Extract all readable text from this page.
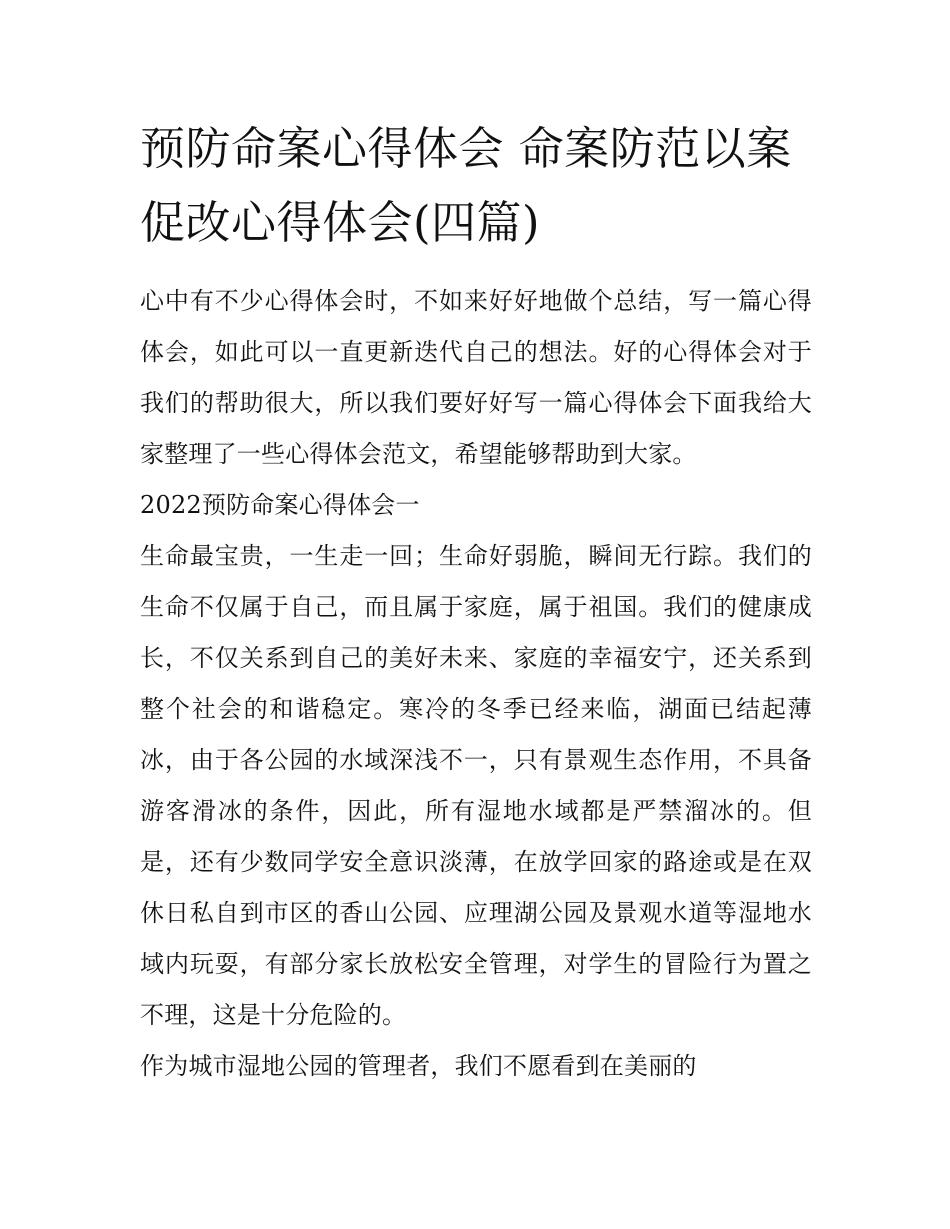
预防命案心得体会 命案防范以案促改心得体会(四篇)

心中有不少心得体会时，不如来好好地做个总结，写一篇心得体会，如此可以一直更新迭代自己的想法。好的心得体会对于我们的帮助很大，所以我们要好好写一篇心得体会下面我给大家整理了一些心得体会范文，希望能够帮助到大家。

2022预防命案心得体会一

生命最宝贵，一生走一回；生命好弱脆，瞬间无行踪。我们的生命不仅属于自己，而且属于家庭，属于祖国。我们的健康成长，不仅关系到自己的美好未来、家庭的幸福安宁，还关系到整个社会的和谐稳定。寒冷的冬季已经来临，湖面已结起薄冰，由于各公园的水域深浅不一，只有景观生态作用，不具备游客滑冰的条件，因此，所有湿地水域都是严禁溜冰的。但是，还有少数同学安全意识淡薄，在放学回家的路途或是在双休日私自到市区的香山公园、应理湖公园及景观水道等湿地水域内玩耍，有部分家长放松安全管理，对学生的冒险行为置之不理，这是十分危险的。

作为城市湿地公园的管理者，我们不愿看到在美丽的
